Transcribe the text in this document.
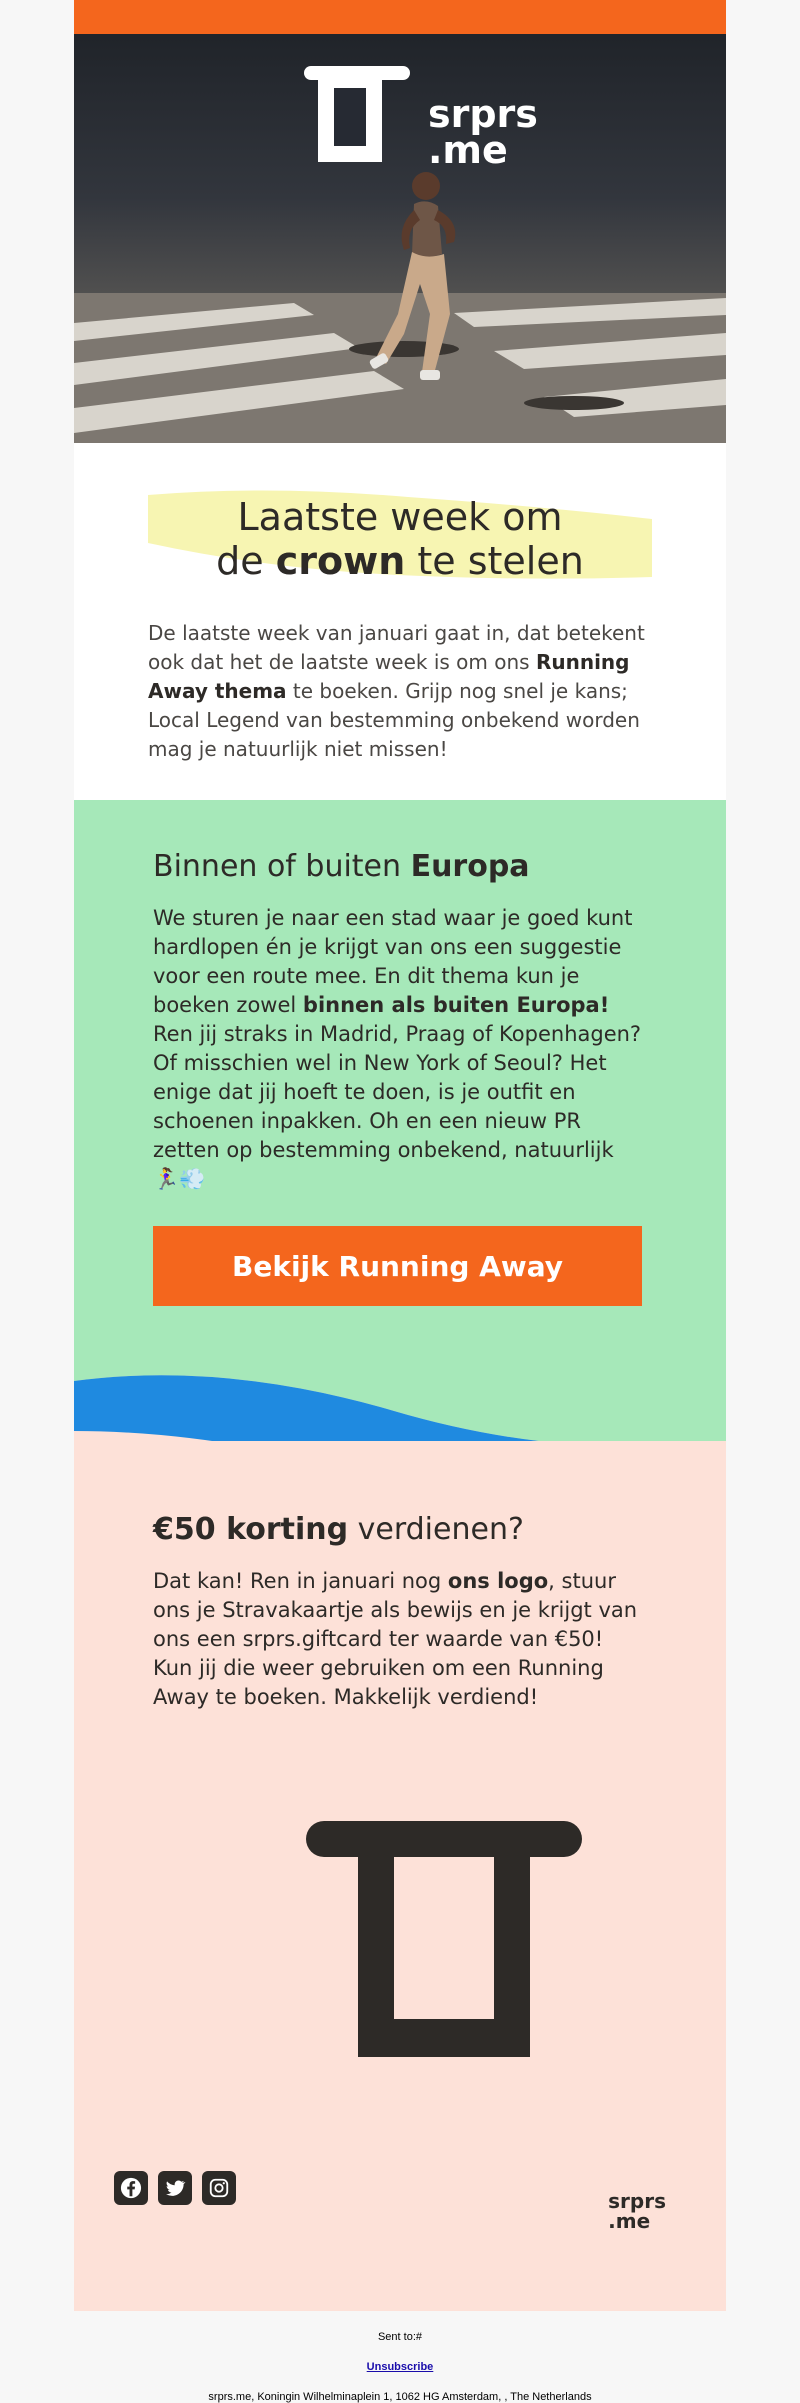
srprs
.me
Laatste week om
de crown te stelen
De laatste week van januari gaat in, dat betekent ook dat het de laatste week is om ons Running Away thema te boeken. Grijp nog snel je kans; Local Legend van bestemming onbekend worden mag je natuurlijk niet missen!
Binnen of buiten Europa
We sturen je naar een stad waar je goed kunt hardlopen én je krijgt van ons een suggestie voor een route mee. En dit thema kun je boeken zowel binnen als buiten Europa! Ren jij straks in Madrid, Praag of Kopenhagen? Of misschien wel in New York of Seoul? Het enige dat jij hoeft te doen, is je outfit en schoenen inpakken. Oh en een nieuw PR zetten op bestemming onbekend, natuurlijk 🏃‍♀️💨
Bekijk Running Away
€50 korting verdienen?
Dat kan! Ren in januari nog ons logo, stuur ons je Stravakaartje als bewijs en je krijgt van ons een srprs.giftcard ter waarde van €50! Kun jij die weer gebruiken om een Running Away te boeken. Makkelijk verdiend!
srprs
.me

Sent to:#

Unsubscribe

srprs.me, Koningin Wilhelminaplein 1, 1062 HG Amsterdam, , The Netherlands
